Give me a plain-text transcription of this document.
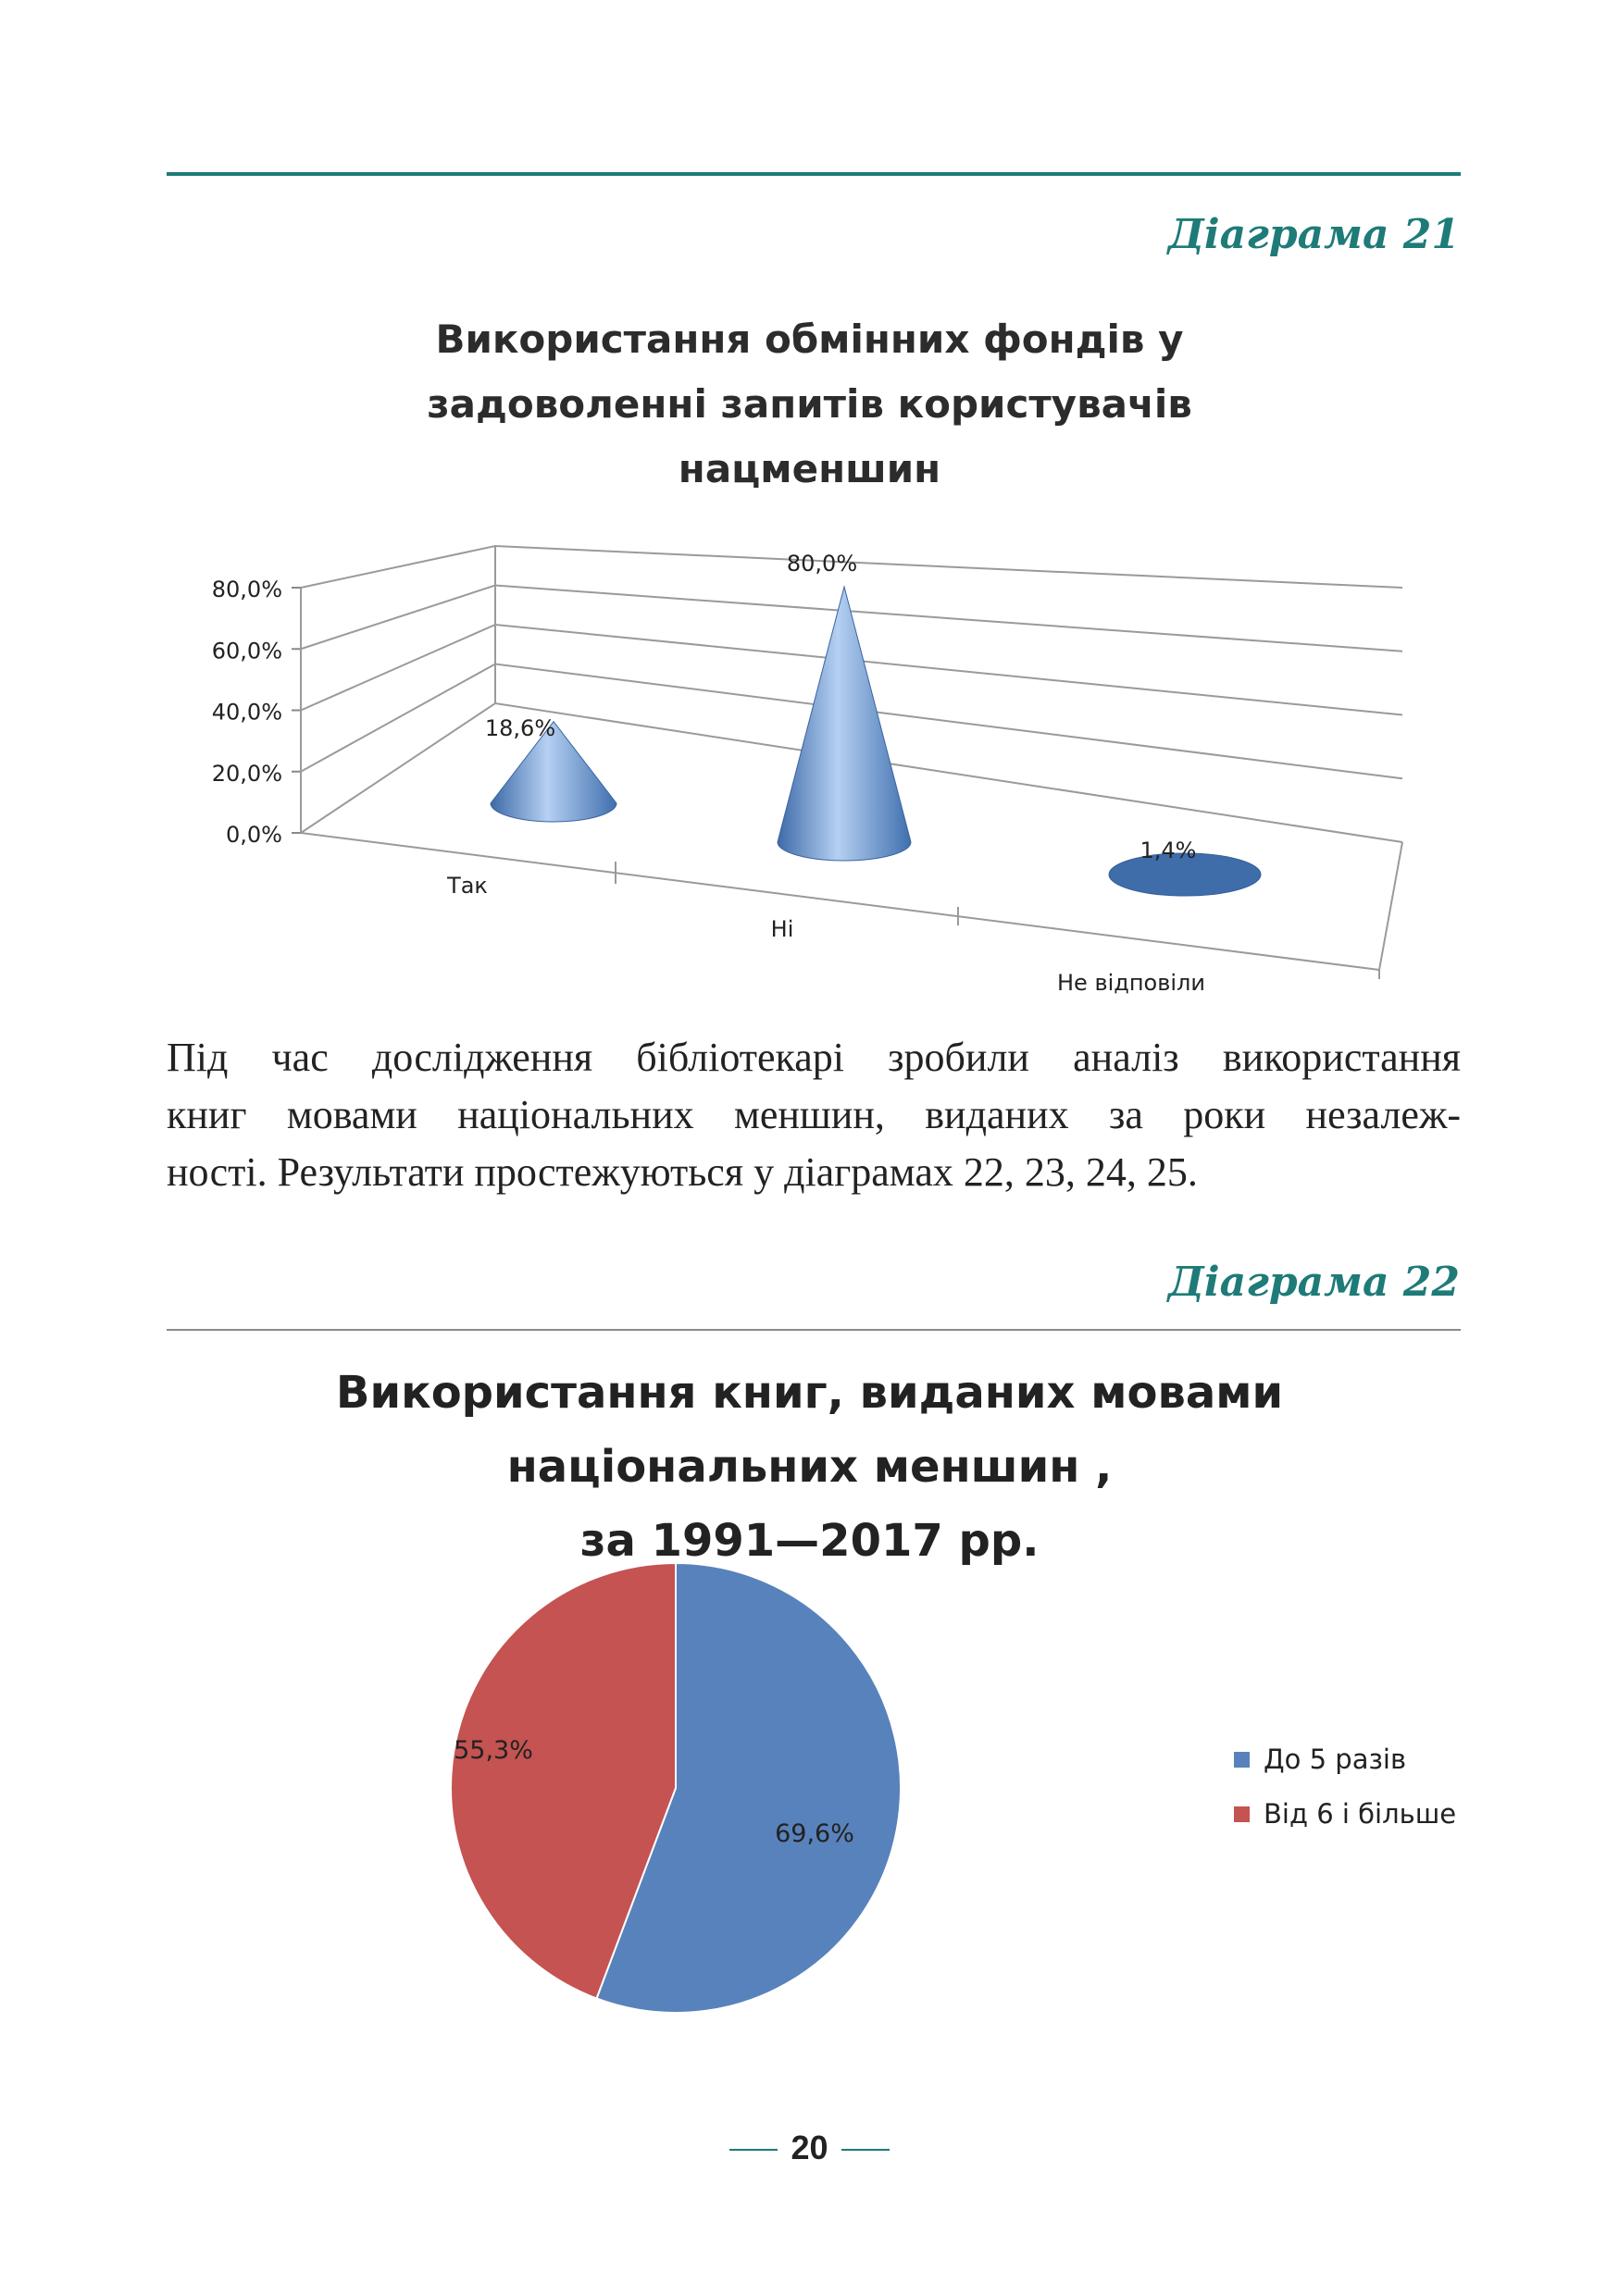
Діаграма 21
Використання обмінних фондів у
задоволенні запитів користувачів
нацменшин
0,0%
20,0%
40,0%
60,0%
80,0%
18,6%
Так
80,0%
Ні
1,4%
Не відповіли
Під час дослідження бібліотекарі зробили аналіз використання
книг мовами національних меншин, виданих за роки незалеж-
ності. Результати простежуються у діаграмах 22, 23, 24, 25.
Діаграма 22
Використання книг, виданих мовами
національних меншин ,
за 1991—2017 рр.
69,6%
55,3%	До 5 разів
Від 6 і більше
20
